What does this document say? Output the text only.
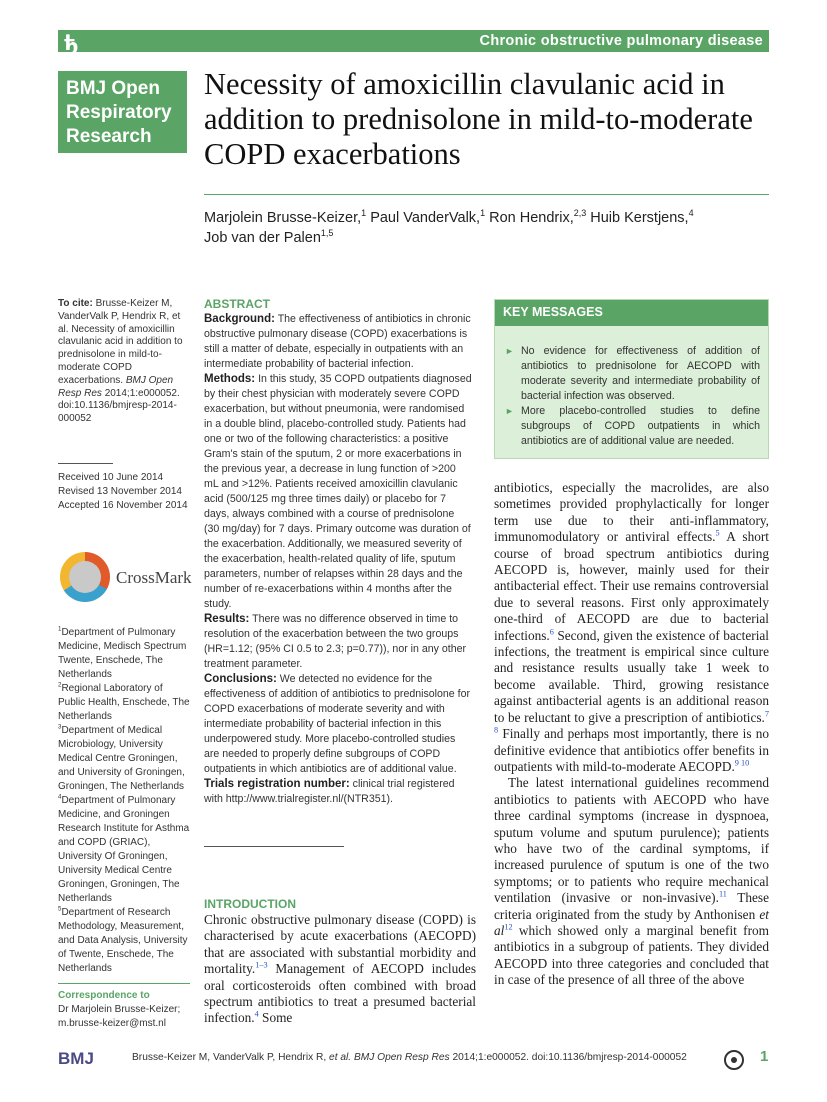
ђ	Chronic obstructive pulmonary disease
BMJ Open
Respiratory
Research
Necessity of amoxicillin clavulanic acid in addition to prednisolone in mild-to-moderate COPD exacerbations
Marjolein Brusse-Keizer,$^1$ Paul VanderValk,$^1$ Ron Hendrix,$^{2,3}$ Huib Kerstjens,$^4$
Job van der Palen$^{1,5}$
To cite: Brusse-Keizer M, VanderValk P, Hendrix R, et al. Necessity of amoxicillin clavulanic acid in addition to prednisolone in mild-to-moderate COPD exacerbations. BMJ Open Resp Res 2014;1:e000052. doi:10.1136/bmjresp-2014-000052
Received 10 June 2014
Revised 13 November 2014
Accepted 16 November 2014
CrossMark

$^1$Department of Pulmonary Medicine, Medisch Spectrum Twente, Enschede, The Netherlands

$^2$Regional Laboratory of Public Health, Enschede, The Netherlands

$^3$Department of Medical Microbiology, University Medical Centre Groningen, and University of Groningen, Groningen, The Netherlands

$^4$Department of Pulmonary Medicine, and Groningen Research Institute for Asthma and COPD (GRIAC), University Of Groningen, University Medical Centre Groningen, Groningen, The Netherlands

$^5$Department of Research Methodology, Measurement, and Data Analysis, University of Twente, Enschede, The Netherlands

Correspondence to
Dr Marjolein Brusse-Keizer;
m.brusse-keizer@mst.nl
ABSTRACT

Background: The effectiveness of antibiotics in chronic obstructive pulmonary disease (COPD) exacerbations is still a matter of debate, especially in outpatients with an intermediate probability of bacterial infection.

Methods: In this study, 35 COPD outpatients diagnosed by their chest physician with moderately severe COPD exacerbation, but without pneumonia, were randomised in a double blind, placebo-controlled study. Patients had one or two of the following characteristics: a positive Gram's stain of the sputum, 2 or more exacerbations in the previous year, a decrease in lung function of >200 mL and >12%. Patients received amoxicillin clavulanic acid (500/125 mg three times daily) or placebo for 7 days, always combined with a course of prednisolone (30 mg/day) for 7 days. Primary outcome was duration of the exacerbation. Additionally, we measured severity of the exacerbation, health-related quality of life, sputum parameters, number of relapses within 28 days and the number of re-exacerbations within 4 months after the study.

Results: There was no difference observed in time to resolution of the exacerbation between the two groups (HR=1.12; (95% CI 0.5 to 2.3; p=0.77)), nor in any other treatment parameter.

Conclusions: We detected no evidence for the effectiveness of addition of antibiotics to prednisolone for COPD exacerbations of moderate severity and with intermediate probability of bacterial infection in this underpowered study. More placebo-controlled studies are needed to properly define subgroups of COPD outpatients in which antibiotics are of additional value.

Trials registration number: clinical trial registered with http://www.trialregister.nl/(NTR351).

KEY MESSAGES
► No evidence for effectiveness of addition of antibiotics to prednisolone for AECOPD with moderate severity and intermediate probability of bacterial infection was observed.
► More placebo-controlled studies to define subgroups of COPD outpatients in which antibiotics are of additional value are needed.
INTRODUCTION

Chronic obstructive pulmonary disease (COPD) is characterised by acute exacerbations (AECOPD) that are associated with substantial morbidity and mortality.$^{1-3}$ Management of AECOPD includes oral corticosteroids often combined with broad spectrum antibiotics to treat a presumed bacterial infection.$^4$ Some

antibiotics, especially the macrolides, are also sometimes provided prophylactically for longer term use due to their anti-inflammatory, immunomodulatory or antiviral effects.$^5$ A short course of broad spectrum antibiotics during AECOPD is, however, mainly used for their antibacterial effect. Their use remains controversial due to several reasons. First only approximately one-third of AECOPD are due to bacterial infections.$^6$ Second, given the existence of bacterial infections, the treatment is empirical since culture and resistance results usually take 1 week to become available. Third, growing resistance against antibacterial agents is an additional reason to be reluctant to give a prescription of antibiotics.$^{7 8}$ Finally and perhaps most importantly, there is no definitive evidence that antibiotics offer benefits in outpatients with mild-to-moderate AECOPD.$^{9 10}$

The latest international guidelines recommend antibiotics to patients with AECOPD who have three cardinal symptoms (increase in dyspnoea, sputum volume and sputum purulence); patients who have two of the cardinal symptoms, if increased purulence of sputum is one of the two symptoms; or to patients who require mechanical ventilation (invasive or non-invasive).$^{11}$ These criteria originated from the study by Anthonisen et $al^{12}$ which showed only a marginal benefit from antibiotics in a subgroup of patients. They divided AECOPD into three categories and concluded that in case of the presence of all three of the above

BMJ	Brusse-Keizer M, VanderValk P, Hendrix R, et al. BMJ Open Resp Res 2014;1:e000052. doi:10.1136/bmjresp-2014-000052	1
